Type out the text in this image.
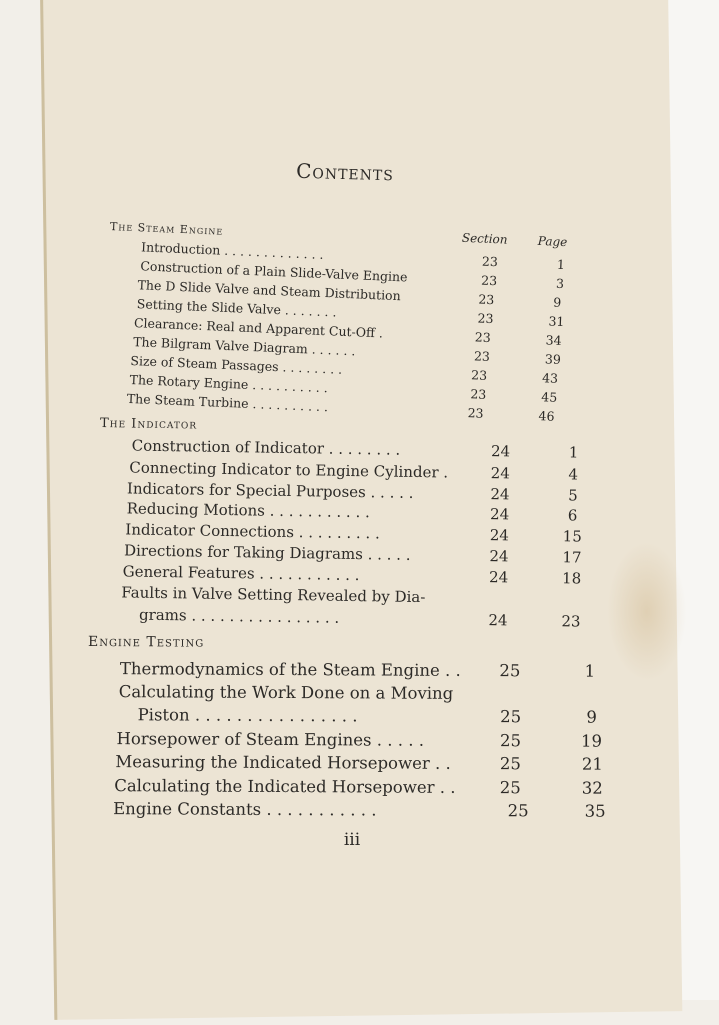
Contents
The Steam Engine
Section Page
Introduction . . . . . . . . . . . . .	23	1
Construction of a Plain Slide-Valve Engine	23	3
The D Slide Valve and Steam Distribution	23	9
Setting the Slide Valve . . . . . . .	23	31
Clearance: Real and Apparent Cut-Off .	23	34
The Bilgram Valve Diagram . . . . . .	23	39
Size of Steam Passages . . . . . . . .	23	43
The Rotary Engine . . . . . . . . . .	23	45
The Steam Turbine . . . . . . . . . .	23	46
The Indicator
Construction of Indicator . . . . . . . .	24	1
Connecting Indicator to Engine Cylinder .	24	4
Indicators for Special Purposes . . . . .	24	5
Reducing Motions . . . . . . . . . . .	24	6
Indicator Connections . . . . . . . . .	24	15
Directions for Taking Diagrams . . . . .	24	17
General Features . . . . . . . . . . .	24	18
Faults in Valve Setting Revealed by Dia-
grams . . . . . . . . . . . . . . . .	24	23
Engine Testing
Thermodynamics of the Steam Engine . . 25	1
Calculating the Work Done on a Moving
Piston . . . . . . . . . . . . . . . .	25	9
Horsepower of Steam Engines . . . . .	25	19
Measuring the Indicated Horsepower . .	25	21
Calculating the Indicated Horsepower . .	25	32
Engine Constants . . . . . . . . . . .	25	35
iii
